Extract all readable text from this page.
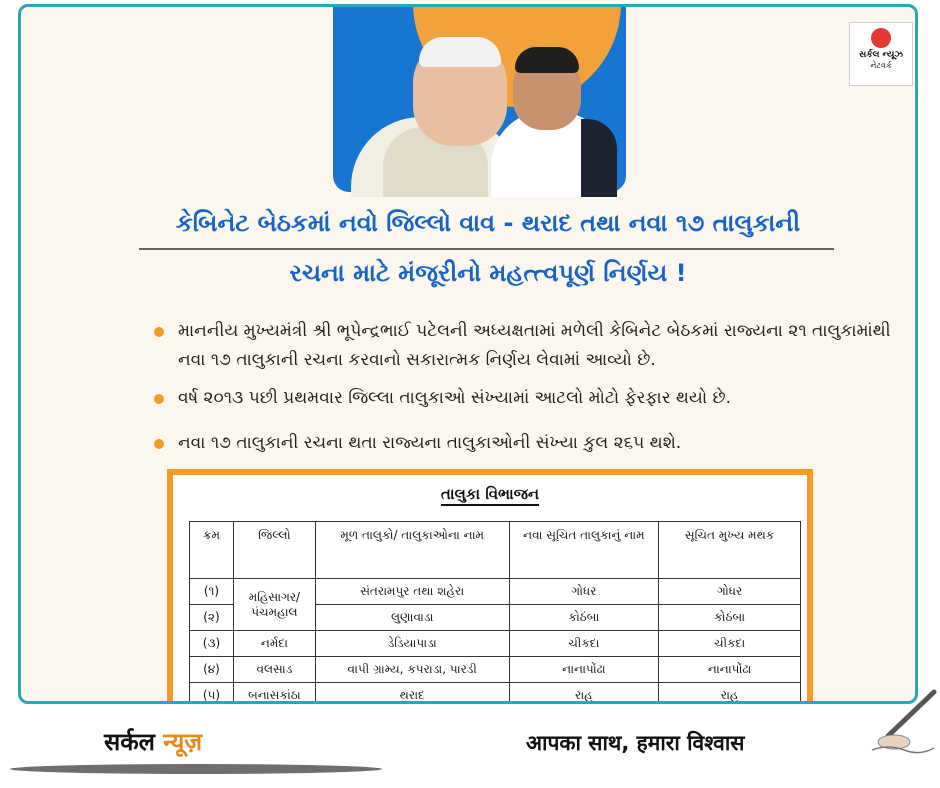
કેબિનેટ બેઠકમાં નવો જિલ્લો વાવ - થરાદ તથા નવા ૧૭ તાલુકાની
રચના માટે મંજૂરીનો મહત્ત્વપૂર્ણ નિર્ણય !
માનનીય મુખ્યમંત્રી શ્રી ભૂપેન્દ્રભાઈ પટેલની અધ્યક્ષતામાં મળેલી કેબિનેટ બેઠકમાં રાજ્યના ૨૧ તાલુકામાંથી નવા ૧૭ તાલુકાની રચના કરવાનો સકારાત્મક નિર્ણય લેવામાં આવ્યો છે.
વર્ષ ૨૦૧૩ પછી પ્રથમવાર જિલ્લા તાલુકાઓ સંખ્યામાં આટલો મોટો ફેરફાર થયો છે.
નવા ૧૭ તાલુકાની રચના થતા રાજ્યના તાલુકાઓની સંખ્યા કુલ ૨૬૫ થશે.
તાલુકા વિભાજન
ક્રમ	જિલ્લો	મૂળ તાલુકો/ તાલુકાઓના નામ	નવા સૂચિત તાલુકાનું નામ	સૂચિત મુખ્ય મથક
(૧)	મહિસાગર/ પંચમહાલ	સંતરામપુર તથા શહેરા	ગોધર	ગોધર
(૨)		લુણાવાડા	કોઠંબા	કોઠંબા
(૩)	નર્મદા	ડેડિયાપાડા	ચીકદા	ચીકદા
(૪)	વલસાડ	વાપી ગ્રામ્ય, કપરાડા, પારડી	નાનાપોંઢા	નાનાપોંઢા
(૫)	બનાસકાંઠા	થરાદ	રાહ	રાહ
સર્કલ ન્યૂઝ
નેટવર્ક
सर्कल न्यूज़	आपका साथ, हमारा विश्वास
